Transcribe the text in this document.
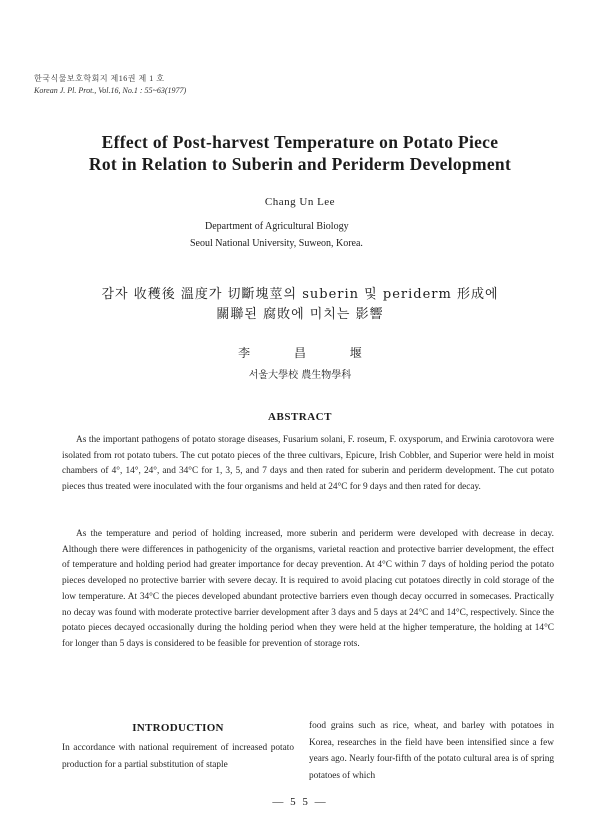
한국식물보호학회지 제16권 제 1 호
Korean J. Pl. Prot., Vol.16, No.1 : 55~63(1977)
Effect of Post-harvest Temperature on Potato Piece
Rot in Relation to Suberin and Periderm Development
Chang Un Lee
Department of Agricultural Biology
Seoul National University, Suweon, Korea.
감자 收穫後 溫度가 切斷塊莖의 suberin 및 periderm 形成에
關聯된 腐敗에 미치는 影響
李 昌 堰
서울大學校 農生物學科
ABSTRACT
As the important pathogens of potato storage diseases, Fusarium solani, F. roseum, F. oxysporum, and Erwinia carotovora were isolated from rot potato tubers. The cut potato pieces of the three cultivars, Epicure, Irish Cobbler, and Superior were held in moist chambers of 4°, 14°, 24°, and 34°C for 1, 3, 5, and 7 days and then rated for suberin and periderm development. The cut potato pieces thus treated were inoculated with the four organisms and held at 24°C for 9 days and then rated for decay.
As the temperature and period of holding increased, more suberin and periderm were developed with decrease in decay. Although there were differences in pathogenicity of the organisms, varietal reaction and protective barrier development, the effect of temperature and holding period had greater importance for decay prevention. At 4°C within 7 days of holding period the potato pieces developed no protective barrier with severe decay. It is required to avoid placing cut potatoes directly in cold storage of the low temperature. At 34°C the pieces developed abundant protective barriers even though decay occurred in somecases. Practically no decay was found with moderate protective barrier development after 3 days and 5 days at 24°C and 14°C, respectively. Since the potato pieces decayed occasionally during the holding period when they were held at the higher temperature, the holding at 14°C for longer than 5 days is considered to be feasible for prevention of storage rots.
INTRODUCTION
In accordance with national requirement of increased potato production for a partial substitution of staple
food grains such as rice, wheat, and barley with potatoes in Korea, researches in the field have been intensified since a few years ago. Nearly four-fifth of the potato cultural area is of spring potatoes of which
— 5 5 —
